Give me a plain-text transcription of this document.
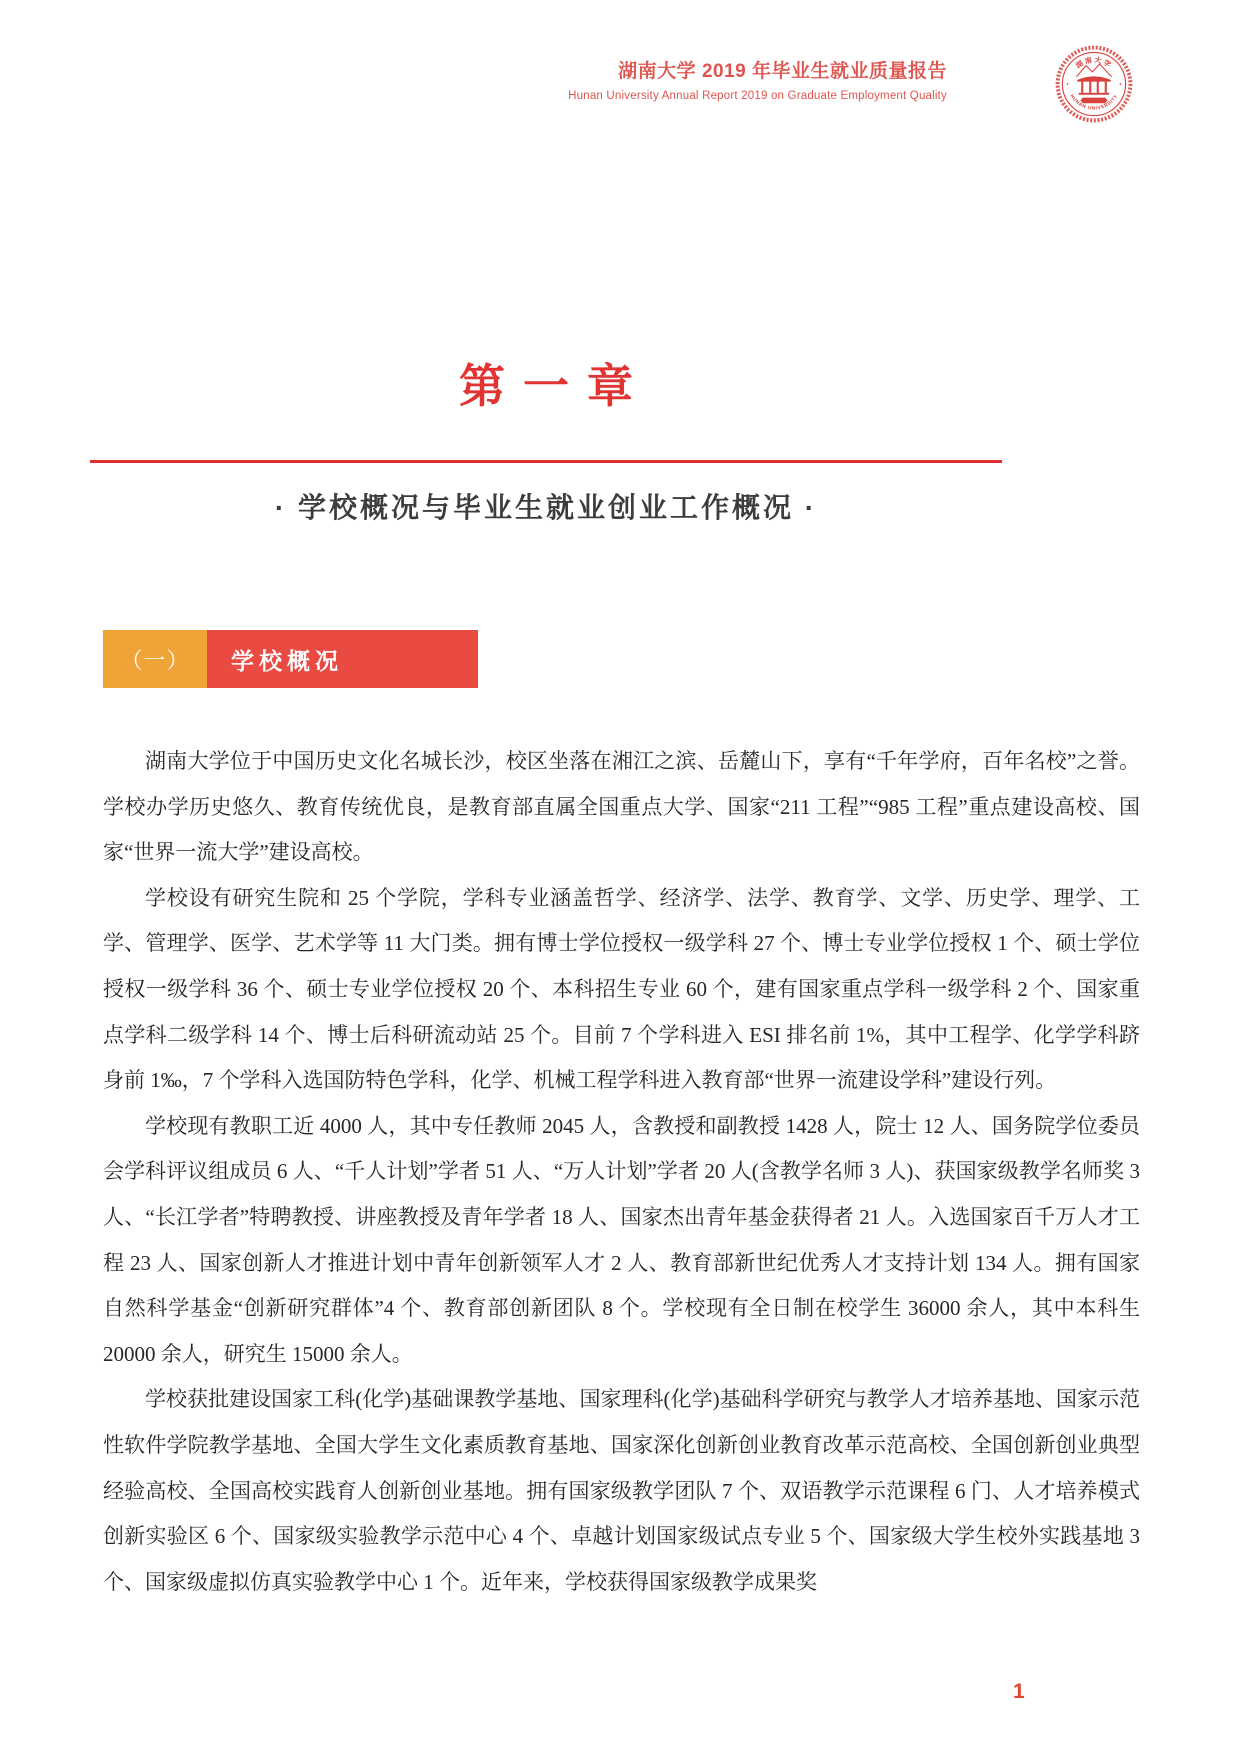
湖南大学 2019 年毕业生就业质量报告
Hunan University Annual Report 2019 on Graduate Employment Quality
湖南大学
HUNAN UNIVERSITY
第一章
· 学校概况与毕业生就业创业工作概况 ·
（一）	学校概况

湖南大学位于中国历史文化名城长沙，校区坐落在湘江之滨、岳麓山下，享有“千年学府，百年名校”之誉。学校办学历史悠久、教育传统优良，是教育部直属全国重点大学、国家“211 工程”“985 工程”重点建设高校、国家“世界一流大学”建设高校。

学校设有研究生院和 25 个学院，学科专业涵盖哲学、经济学、法学、教育学、文学、历史学、理学、工学、管理学、医学、艺术学等 11 大门类。拥有博士学位授权一级学科 27 个、博士专业学位授权 1 个、硕士学位授权一级学科 36 个、硕士专业学位授权 20 个、本科招生专业 60 个，建有国家重点学科一级学科 2 个、国家重点学科二级学科 14 个、博士后科研流动站 25 个。目前 7 个学科进入 ESI 排名前 1%，其中工程学、化学学科跻身前 1‰，7 个学科入选国防特色学科，化学、机械工程学科进入教育部“世界一流建设学科”建设行列。

学校现有教职工近 4000 人，其中专任教师 2045 人，含教授和副教授 1428 人，院士 12 人、国务院学位委员会学科评议组成员 6 人、“千人计划”学者 51 人、“万人计划”学者 20 人(含教学名师 3 人)、获国家级教学名师奖 3 人、“长江学者”特聘教授、讲座教授及青年学者 18 人、国家杰出青年基金获得者 21 人。入选国家百千万人才工程 23 人、国家创新人才推进计划中青年创新领军人才 2 人、教育部新世纪优秀人才支持计划 134 人。拥有国家自然科学基金“创新研究群体”4 个、教育部创新团队 8 个。学校现有全日制在校学生 36000 余人，其中本科生 20000 余人，研究生 15000 余人。

学校获批建设国家工科(化学)基础课教学基地、国家理科(化学)基础科学研究与教学人才培养基地、国家示范性软件学院教学基地、全国大学生文化素质教育基地、国家深化创新创业教育改革示范高校、全国创新创业典型经验高校、全国高校实践育人创新创业基地。拥有国家级教学团队 7 个、双语教学示范课程 6 门、人才培养模式创新实验区 6 个、国家级实验教学示范中心 4 个、卓越计划国家级试点专业 5 个、国家级大学生校外实践基地 3 个、国家级虚拟仿真实验教学中心 1 个。近年来，学校获得国家级教学成果奖

1
